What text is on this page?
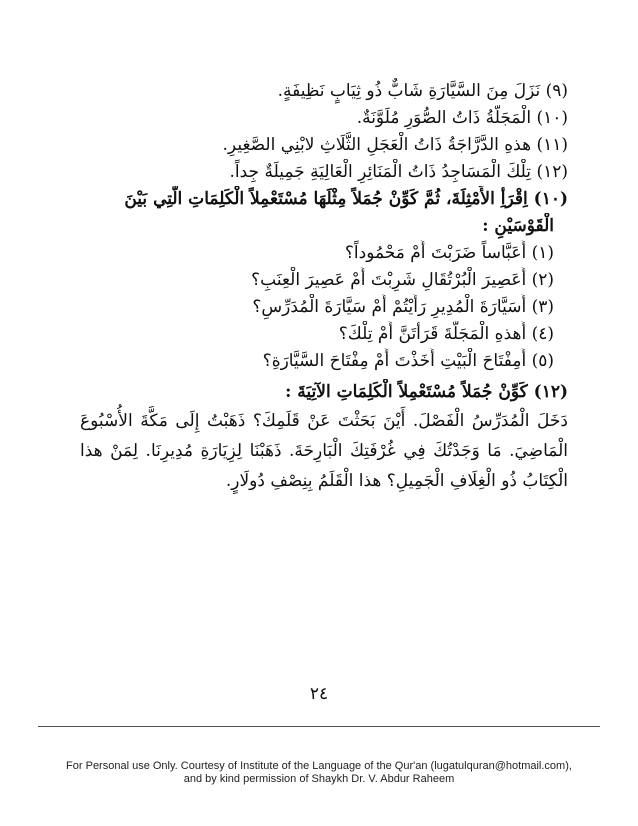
(٩) نَزَلَ مِنَ السَّيَّارَةِ شَابٌّ ذُو ثِيَابٍ نَظِيفَةٍ.
(١٠) الْمَجَلَّةُ ذَاتُ الصُّوَرِ مُلَوَّنَةٌ.
(١١) هذهِ الدَّرَّاجَةُ ذَاتُ الْعَجَلِ الثَّلَاثِ لابْنِي الصَّغِيرِ.
(١٢) تِلْكَ الْمَسَاجِدُ ذَاتُ الْمَنَائِرِ الْعَالِيَةِ جَمِيلَةٌ جِداً.
(١٠) اِقْرَأِ الأَمْثِلَةَ، ثُمَّ كَوِّنْ جُمَلاً مِثْلَهَا مُسْتَعْمِلاً الْكَلِمَاتِ الَّتِي بَيْنَ
الْقَوْسَيْنِ :
(١) أَعَبَّاساً ضَرَبْتَ أَمْ مَحْمُوداً؟
(٢) أَعَصِيرَ الْبُرْتُقَالِ شَرِبْتَ أَمْ عَصِيرَ الْعِنَبِ؟
(٣) أَسَيَّارَةَ الْمُدِيرِ رَأَيْتُمْ أَمْ سَيَّارَةَ الْمُدَرِّسِ؟
(٤) أَهذهِ الْمَجَلَّةَ قَرَأْتَنَّ أَمْ تِلْكَ؟
(٥) أَمِفْتَاحَ الْبَيْتِ أَخَذْتَ أَمْ مِفْتَاحَ السَّيَّارَةِ؟
(١٢) كَوِّنْ جُمَلاً مُسْتَعْمِلاً الْكَلِمَاتِ الآتِيَةَ :
دَخَلَ الْمُدَرِّسُ الْفَصْلَ. أَيْنَ بَحَثْتَ عَنْ قَلَمِكَ؟ ذَهَبْتُ إِلَى مَكَّةَ الأُسْبُوعَ الْمَاضِيَ. مَا وَجَدْتُكَ فِي غُرْفَتِكَ الْبَارِحَةَ. ذَهَبْنَا لِزِيَارَةِ مُدِيرِنَا. لِمَنْ هذا الْكِتَابُ ذُو الْغِلَافِ الْجَمِيلِ؟ هذا الْقَلَمُ بِنِصْفِ دُولَارٍ.
٢٤
For Personal use Only. Courtesy of Institute of the Language of the Qur'an (lugatulquran@hotmail.com),
and by kind permission of Shaykh Dr. V. Abdur Raheem
